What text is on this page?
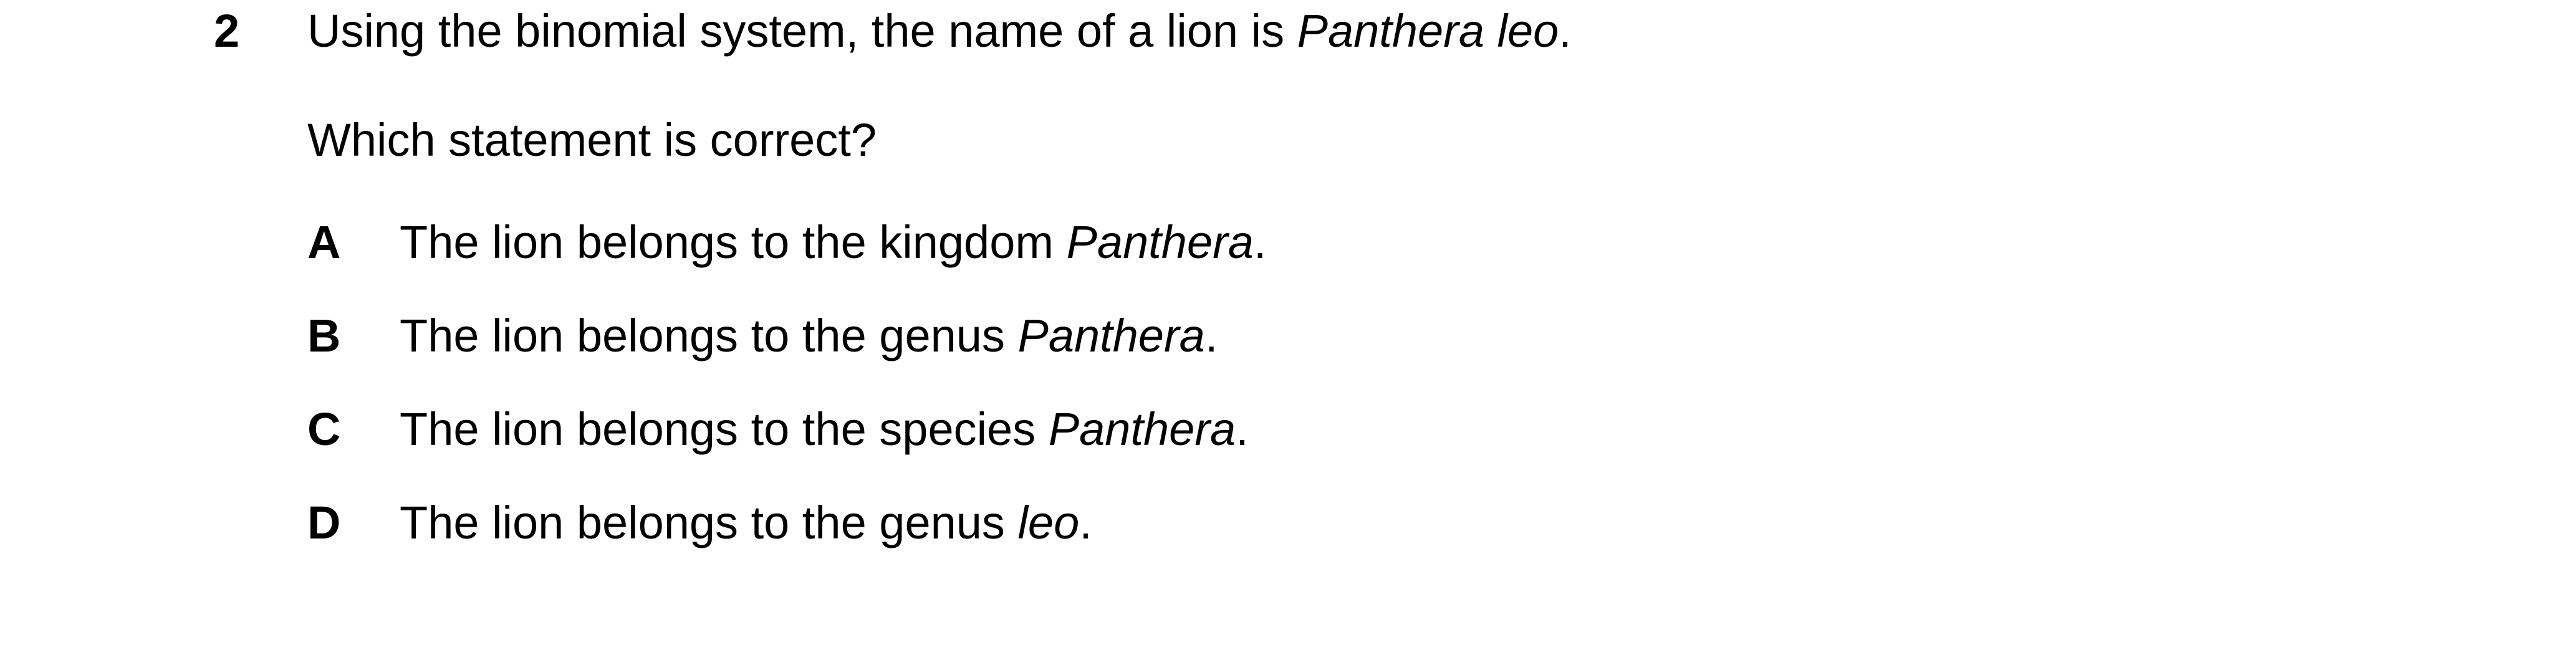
2 Using the binomial system, the name of a lion is Panthera leo.
Which statement is correct?
A The lion belongs to the kingdom Panthera.
B The lion belongs to the genus Panthera.
C The lion belongs to the species Panthera.
D The lion belongs to the genus leo.
